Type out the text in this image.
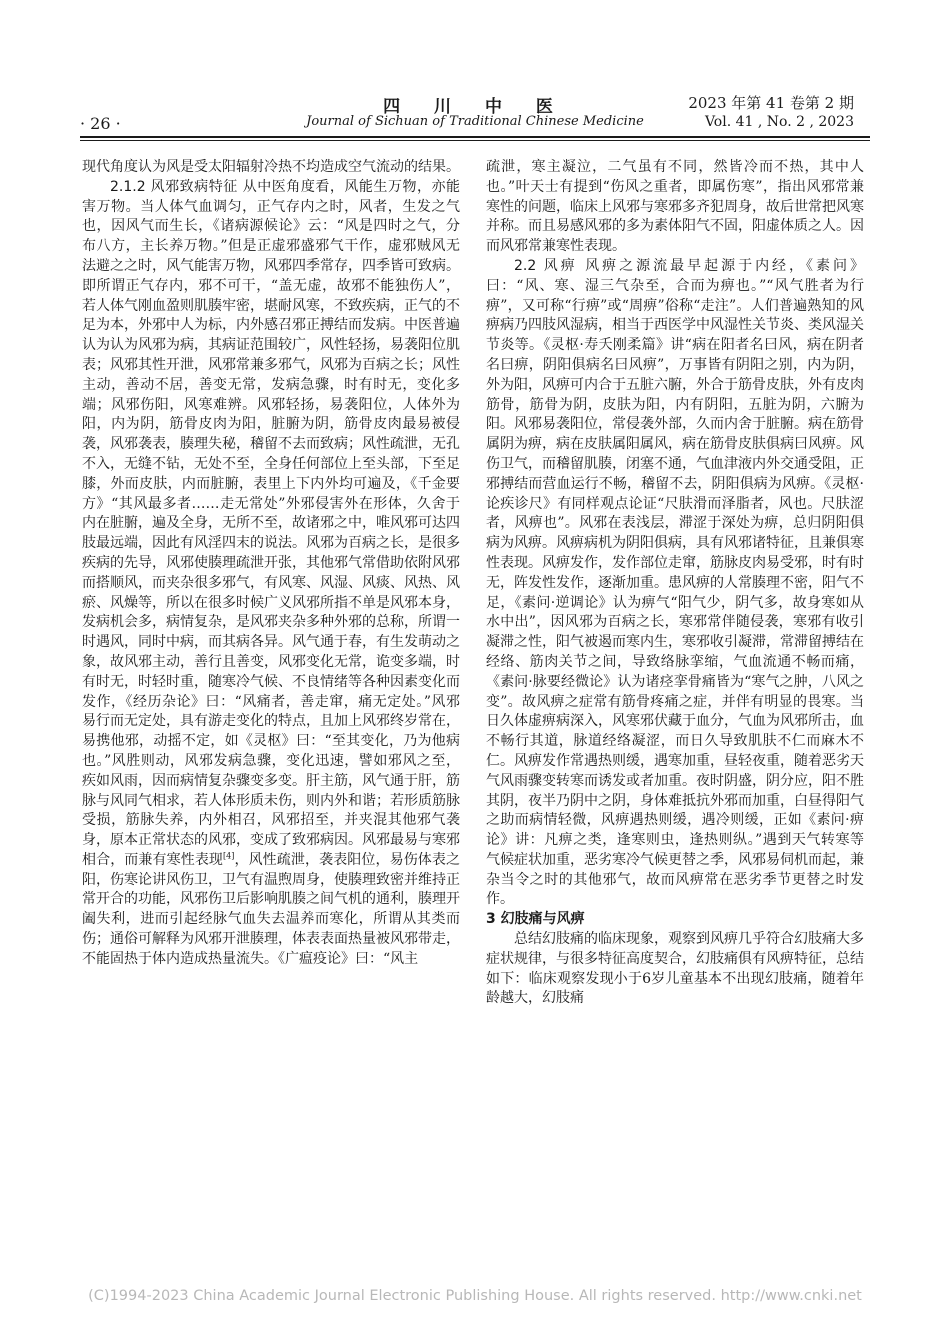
· 26 ·
四 川 中 医
Journal of Sichuan of Traditional Chinese Medicine
2023 年第 41 卷第 2 期
Vol. 41 , No. 2 , 2023

现代角度认为风是受太阳辐射冷热不均造成空气流动的结果。

2.1.2 风邪致病特征 从中医角度看，风能生万物，亦能害万物。当人体气血调匀，正气存内之时，风者，生发之气也，因风气而生长，《诸病源候论》云：“风是四时之气，分布八方，主长养万物。”但是正虚邪盛邪气干作，虚邪贼风无法避之之时，风气能害万物，风邪四季常存，四季皆可致病。即所谓正气存内，邪不可干，“盖无虚，故邪不能独伤人”，若人体气刚血盈则肌腠牢密，堪耐风寒，不致疾病，正气的不足为本，外邪中人为标，内外感召邪正搏结而发病。中医普遍认为认为风邪为病，其病证范围较广，风性轻扬，易袭阳位肌表；风邪其性开泄，风邪常兼多邪气，风邪为百病之长；风性主动，善动不居，善变无常，发病急骤，时有时无，变化多端；风邪伤阳，风寒难辨。风邪轻扬，易袭阳位，人体外为阳，内为阴，筋骨皮肉为阳，脏腑为阴，筋骨皮肉最易被侵袭，风邪袭表，腠理失秘，稽留不去而致病；风性疏泄，无孔不入，无缝不钻，无处不至，全身任何部位上至头部，下至足膝，外而皮肤，内而脏腑，表里上下内外均可遍及，《千金要方》“其风最多者……走无常处”外邪侵害外在形体，久舍于内在脏腑，遍及全身，无所不至，故诸邪之中，唯风邪可达四肢最远端，因此有风淫四末的说法。风邪为百病之长，是很多疾病的先导，风邪使腠理疏泄开张，其他邪气常借助依附风邪而搭顺风，而夹杂很多邪气，有风寒、风湿、风痰、风热、风瘀、风燥等，所以在很多时候广义风邪所指不单是风邪本身，发病机会多，病情复杂，是风邪夹杂多种外邪的总称，所谓一时遇风，同时中病，而其病各异。风气通于春，有生发萌动之象，故风邪主动，善行且善变，风邪变化无常，诡变多端，时有时无，时轻时重，随寒冷气候、不良情绪等各种因素变化而发作，《经历杂论》曰：“风痛者，善走窜，痛无定处。”风邪易行而无定处，具有游走变化的特点，且加上风邪终岁常在，易携他邪，动摇不定，如《灵枢》曰：“至其变化，乃为他病也。”风胜则动，风邪发病急骤，变化迅速，譬如邪风之至，疾如风雨，因而病情复杂骤变多变。肝主筋，风气通于肝，筋脉与风同气相求，若人体形质未伤，则内外和谐；若形质筋脉受损，筋脉失养，内外相召，风邪招至，并夹混其他邪气袭身，原本正常状态的风邪，变成了致邪病因。风邪最易与寒邪相合，而兼有寒性表现[4]，风性疏泄，袭表阳位，易伤体表之阳，伤寒论讲风伤卫，卫气有温煦周身，使腠理致密并维持正常开合的功能，风邪伤卫后影响肌腠之间气机的通利，腠理开阖失利，进而引起经脉气血失去温养而寒化，所谓从其类而伤；通俗可解释为风邪开泄腠理，体表表面热量被风邪带走，不能固热于体内造成热量流失。《广瘟疫论》曰：“风主

疏泄，寒主凝泣，二气虽有不同，然皆冷而不热，其中人也。”叶天士有提到“伤风之重者，即属伤寒”，指出风邪常兼寒性的问题，临床上风邪与寒邪多齐犯周身，故后世常把风寒并称。而且易感风邪的多为素体阳气不固，阳虚体质之人。因而风邪常兼寒性表现。

2.2 风痹 风痹之源流最早起源于内经，《素问》曰：“风、寒、湿三气杂至，合而为痹也。”“风气胜者为行痹”，又可称“行痹”或“周痹”俗称“走注”。人们普遍熟知的风痹病乃四肢风湿病，相当于西医学中风湿性关节炎、类风湿关节炎等。《灵枢·寿夭刚柔篇》讲“病在阳者名曰风，病在阴者名曰痹，阴阳俱病名曰风痹”，万事皆有阴阳之别，内为阴，外为阳，风痹可内合于五脏六腑，外合于筋骨皮肤，外有皮肉筋骨，筋骨为阴，皮肤为阳，内有阴阳，五脏为阴，六腑为阳。风邪易袭阳位，常侵袭外部，久而内舍于脏腑。病在筋骨属阴为痹，病在皮肤属阳属风，病在筋骨皮肤俱病曰风痹。风伤卫气，而稽留肌腠，闭塞不通，气血津液内外交通受阻，正邪搏结而营血运行不畅，稽留不去，阴阳俱病为风痹。《灵枢·论疾诊尺》有同样观点论证“尺肤滑而泽脂者，风也。尺肤涩者，风痹也”。风邪在表浅层，滞涩于深处为痹，总归阴阳俱病为风痹。风痹病机为阴阳俱病，具有风邪诸特征，且兼俱寒性表现。风痹发作，发作部位走窜，筋脉皮肉易受邪，时有时无，阵发性发作，逐渐加重。患风痹的人常腠理不密，阳气不足，《素问·逆调论》认为痹气“阳气少，阴气多，故身寒如从水中出”，因风邪为百病之长，寒邪常伴随侵袭，寒邪有收引凝滞之性，阳气被遏而寒内生，寒邪收引凝滞，常滞留搏结在经络、筋肉关节之间，导致络脉挛缩，气血流通不畅而痛，《素问·脉要经微论》认为诸痉挛骨痛皆为“寒气之肿，八风之变”。故风痹之症常有筋骨疼痛之症，并伴有明显的畏寒。当日久体虚痹病深入，风寒邪伏藏于血分，气血为风邪所击，血不畅行其道，脉道经络凝涩，而日久导致肌肤不仁而麻木不仁。风痹发作常遇热则缓，遇寒加重，昼轻夜重，随着恶劣天气风雨骤变转寒而诱发或者加重。夜时阴盛，阴分应，阳不胜其阴，夜半乃阴中之阴，身体难抵抗外邪而加重，白昼得阳气之助而病情轻微，风痹遇热则缓，遇冷则缓，正如《素问·痹论》讲：凡痹之类，逢寒则虫，逢热则纵。”遇到天气转寒等气候症状加重，恶劣寒冷气候更替之季，风邪易伺机而起，兼杂当令之时的其他邪气，故而风痹常在恶劣季节更替之时发作。

3 幻肢痛与风痹

总结幻肢痛的临床现象，观察到风痹几乎符合幻肢痛大多症状规律，与很多特征高度契合，幻肢痛俱有风痹特征，总结如下：临床观察发现小于6岁儿童基本不出现幻肢痛，随着年龄越大，幻肢痛

(C)1994-2023 China Academic Journal Electronic Publishing House. All rights reserved. http://www.cnki.net
